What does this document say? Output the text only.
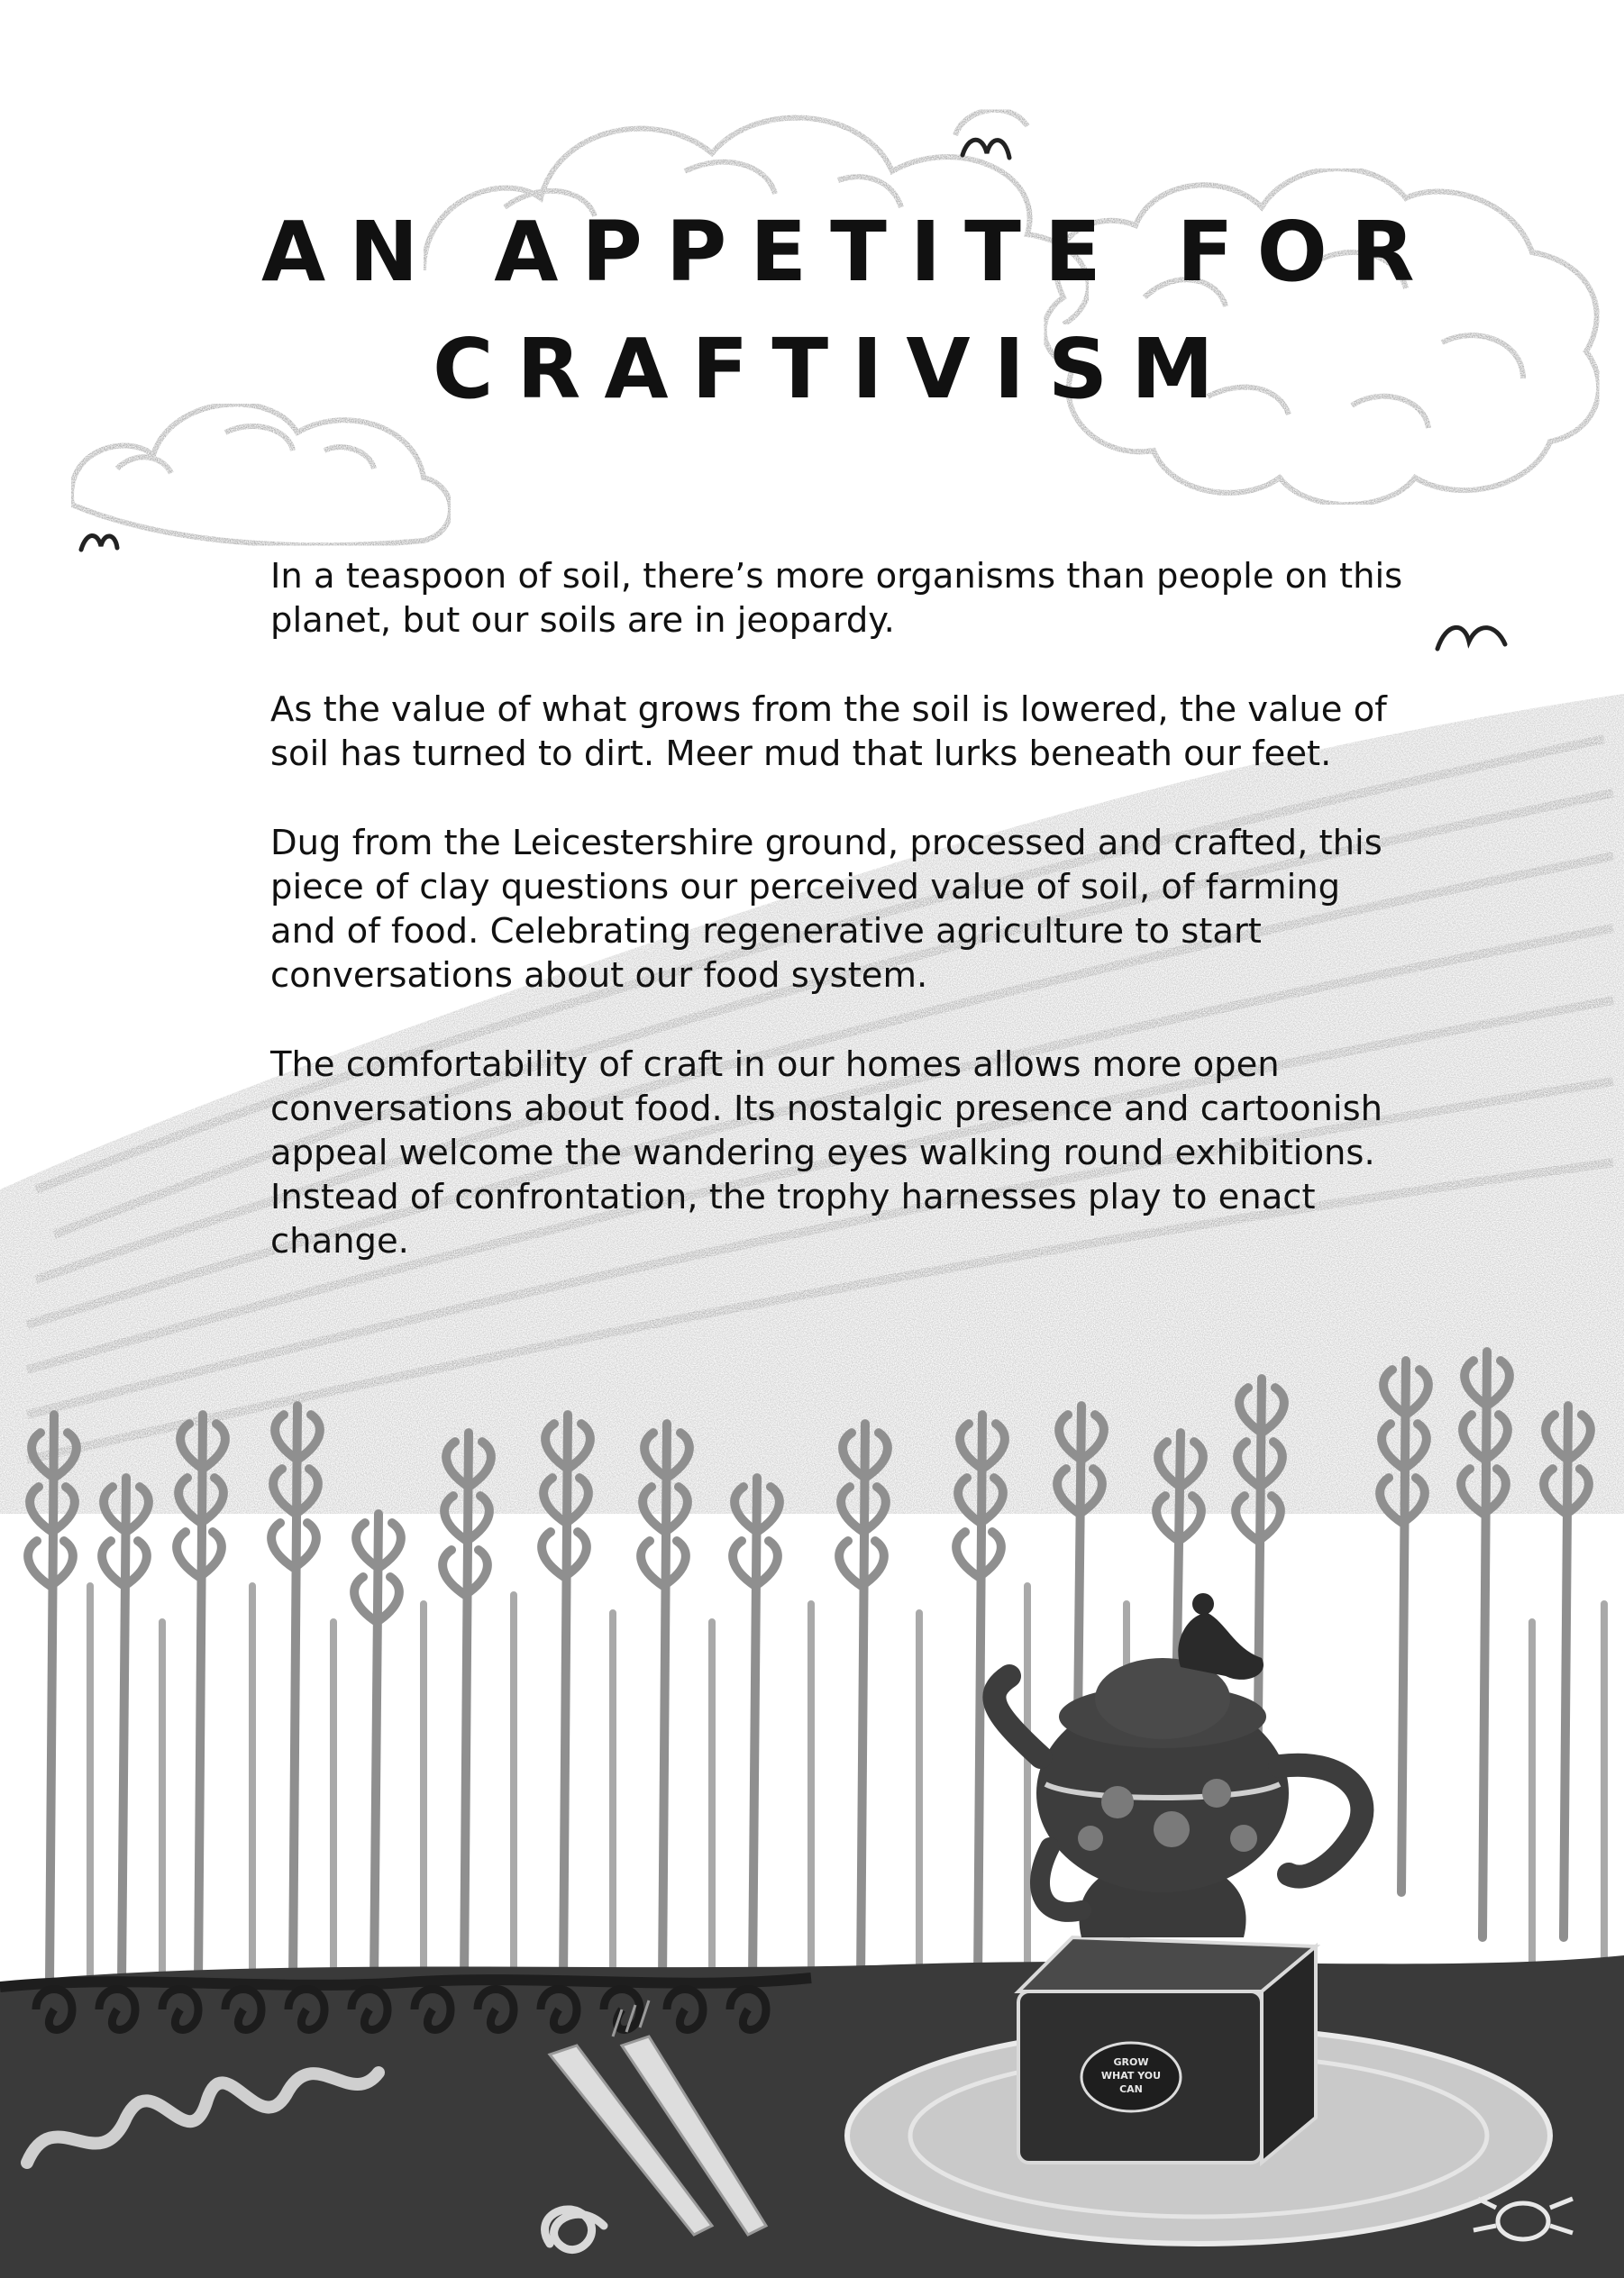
GROW
WHAT YOU
CAN
AN APPETITE FOR
CRAFTIVISM

In a teaspoon of soil, there’s more organisms than people on this planet, but our soils are in jeopardy.

As the value of what grows from the soil is lowered, the value of soil has turned to dirt. Meer mud that lurks beneath our feet.

Dug from the Leicestershire ground, processed and crafted, this piece of clay questions our perceived value of soil, of farming and of food. Celebrating regenerative agriculture to start conversations about our food system.

The comfortability of craft in our homes allows more open conversations about food. Its nostalgic presence and cartoonish appeal welcome the wandering eyes walking round exhibitions. Instead of confrontation, the trophy harnesses play to enact change.
